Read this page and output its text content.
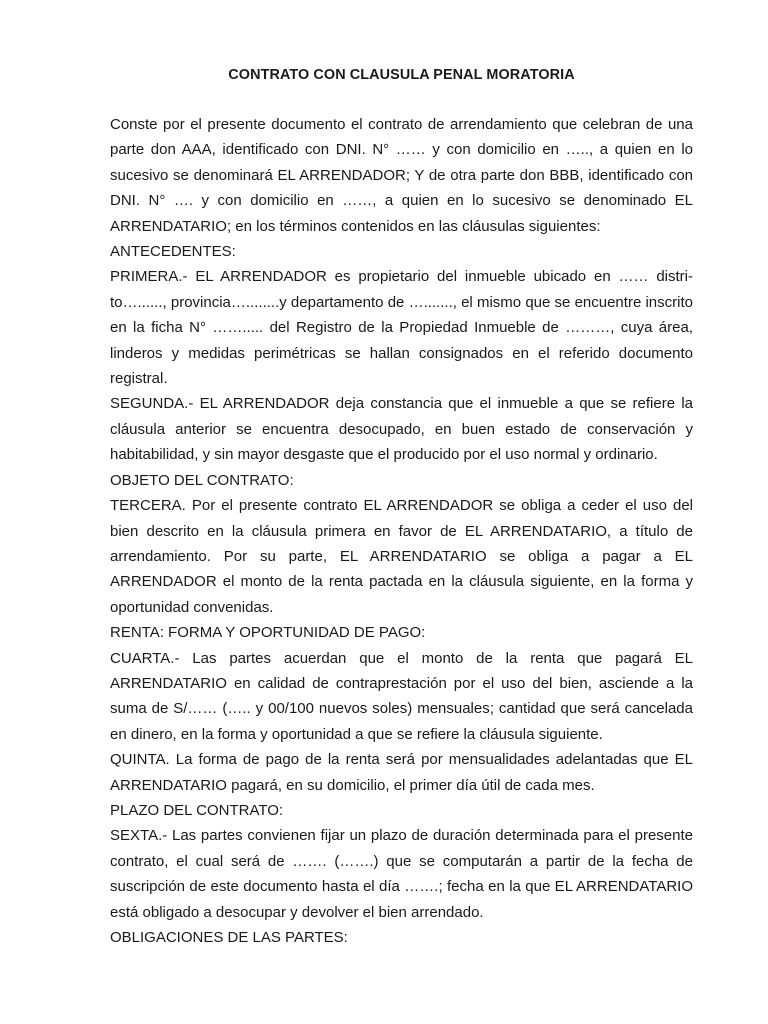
CONTRATO CON CLAUSULA PENAL MORATORIA

Conste por el presente documento el contrato de arrendamiento que celebran de una parte don AAA, identificado con DNI. N° …… y con domicilio en ….., a quien en lo sucesivo se denominará EL ARRENDADOR; Y de otra parte don BBB, identificado con DNI. N° …. y con domicilio en ……, a quien en lo sucesivo se denominado EL ARRENDATARIO; en los términos contenidos en las cláusulas siguientes:

ANTECEDENTES:

PRIMERA.- EL ARRENDADOR es propietario del inmueble ubicado en …… distri-to…......, provincia…........y departamento de …......., el mismo que se encuentre inscrito en la ficha N° ……..... del Registro de la Propiedad Inmueble de ………, cuya área, linderos y medidas perimétricas se hallan consignados en el referido documento registral.

SEGUNDA.- EL ARRENDADOR deja constancia que el inmueble a que se refiere la cláusula anterior se encuentra desocupado, en buen estado de conservación y habitabilidad, y sin mayor desgaste que el producido por el uso normal y ordinario.

OBJETO DEL CONTRATO:

TERCERA. Por el presente contrato EL ARRENDADOR se obliga a ceder el uso del bien descrito en la cláusula primera en favor de EL ARRENDATARIO, a título de arrendamiento. Por su parte, EL ARRENDATARIO se obliga a pagar a EL ARRENDADOR el monto de la renta pactada en la cláusula siguiente, en la forma y oportunidad convenidas.

RENTA: FORMA Y OPORTUNIDAD DE PAGO:

CUARTA.- Las partes acuerdan que el monto de la renta que pagará EL ARRENDATARIO en calidad de contraprestación por el uso del bien, asciende a la suma de S/…… (….. y 00/100 nuevos soles) mensuales; cantidad que será cancelada en dinero, en la forma y oportunidad a que se refiere la cláusula siguiente.

QUINTA. La forma de pago de la renta será por mensualidades adelantadas que EL ARRENDATARIO pagará, en su domicilio, el primer día útil de cada mes.

PLAZO DEL CONTRATO:

SEXTA.- Las partes convienen fijar un plazo de duración determinada para el presente contrato, el cual será de ……. (…….) que se computarán a partir de la fecha de suscripción de este documento hasta el día …….; fecha en la que EL ARRENDATARIO está obligado a desocupar y devolver el bien arrendado.

OBLIGACIONES DE LAS PARTES:
